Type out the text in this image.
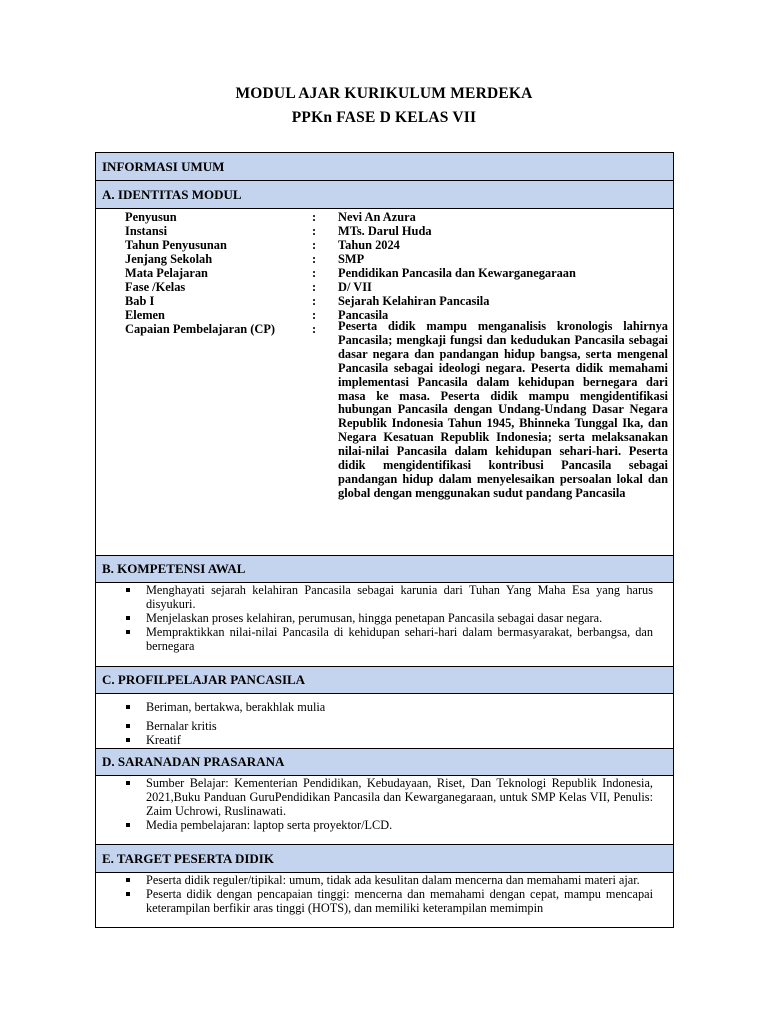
MODUL AJAR KURIKULUM MERDEKA
PPKn FASE D KELAS VII
INFORMASI UMUM
A. IDENTITAS MODUL
Penyusun	: Nevi An Azura
Instansi	: MTs. Darul Huda
Tahun Penyusunan	: Tahun 2024
Jenjang Sekolah	: SMP
Mata Pelajaran	: Pendidikan Pancasila dan Kewarganegaraan
Fase /Kelas	: D/ VII
Bab I	: Sejarah Kelahiran Pancasila
Elemen	: Pancasila
Capaian Pembelajaran (CP)	: Peserta didik mampu menganalisis kronologis lahirnya Pancasila; mengkaji fungsi dan kedudukan Pancasila sebagai dasar negara dan pandangan hidup bangsa, serta mengenal Pancasila sebagai ideologi negara. Peserta didik memahami implementasi Pancasila dalam kehidupan bernegara dari masa ke masa. Peserta didik mampu mengidentifikasi hubungan Pancasila dengan Undang-Undang Dasar Negara Republik Indonesia Tahun 1945, Bhinneka Tunggal Ika, dan Negara Kesatuan Republik Indonesia; serta melaksanakan nilai-nilai Pancasila dalam kehidupan sehari-hari. Peserta didik mengidentifikasi kontribusi Pancasila sebagai pandangan hidup dalam menyelesaikan persoalan lokal dan global dengan menggunakan sudut pandang Pancasila
B. KOMPETENSI AWAL
Menghayati sejarah kelahiran Pancasila sebagai karunia dari Tuhan Yang Maha Esa yang harus disyukuri.
Menjelaskan proses kelahiran, perumusan, hingga penetapan Pancasila sebagai dasar negara.
Mempraktikkan nilai-nilai Pancasila di kehidupan sehari-hari dalam bermasyarakat, berbangsa, dan bernegara
C. PROFILPELAJAR PANCASILA
Beriman, bertakwa, berakhlak mulia
Bernalar kritis
Kreatif
D. SARANADAN PRASARANA
Sumber Belajar: Kementerian Pendidikan, Kebudayaan, Riset, Dan Teknologi Republik Indonesia, 2021,Buku Panduan GuruPendidikan Pancasila dan Kewarganegaraan, untuk SMP Kelas VII, Penulis: Zaim Uchrowi, Ruslinawati.
Media pembelajaran: laptop serta proyektor/LCD.
E. TARGET PESERTA DIDIK
Peserta didik reguler/tipikal: umum, tidak ada kesulitan dalam mencerna dan memahami materi ajar.
Peserta didik dengan pencapaian tinggi: mencerna dan memahami dengan cepat, mampu mencapai keterampilan berfikir aras tinggi (HOTS), dan memiliki keterampilan memimpin
